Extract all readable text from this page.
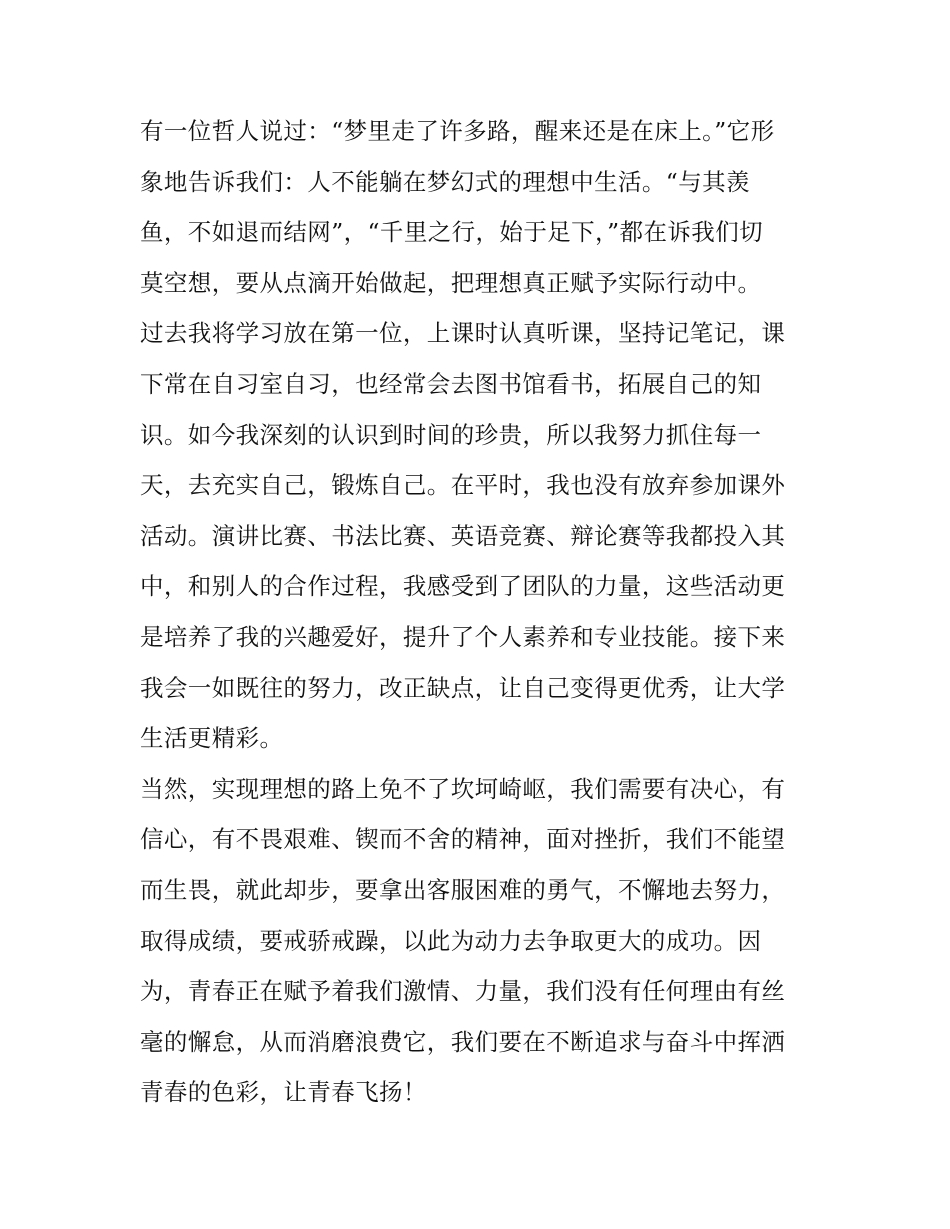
有一位哲人说过：“梦里走了许多路，醒来还是在床上。”它形
象地告诉我们：人不能躺在梦幻式的理想中生活。“与其羡
鱼，不如退而结网”，“千里之行，始于足下，”都在诉我们切
莫空想，要从点滴开始做起，把理想真正赋予实际行动中。
过去我将学习放在第一位，上课时认真听课，坚持记笔记，课
下常在自习室自习，也经常会去图书馆看书，拓展自己的知
识。如今我深刻的认识到时间的珍贵，所以我努力抓住每一
天，去充实自己，锻炼自己。在平时，我也没有放弃参加课外
活动。演讲比赛、书法比赛、英语竞赛、辩论赛等我都投入其
中，和别人的合作过程，我感受到了团队的力量，这些活动更
是培养了我的兴趣爱好，提升了个人素养和专业技能。接下来
我会一如既往的努力，改正缺点，让自己变得更优秀，让大学
生活更精彩。
当然，实现理想的路上免不了坎坷崎岖，我们需要有决心，有
信心，有不畏艰难、锲而不舍的精神，面对挫折，我们不能望
而生畏，就此却步，要拿出客服困难的勇气，不懈地去努力，
取得成绩，要戒骄戒躁，以此为动力去争取更大的成功。因
为，青春正在赋予着我们激情、力量，我们没有任何理由有丝
毫的懈怠，从而消磨浪费它，我们要在不断追求与奋斗中挥洒
青春的色彩，让青春飞扬！
